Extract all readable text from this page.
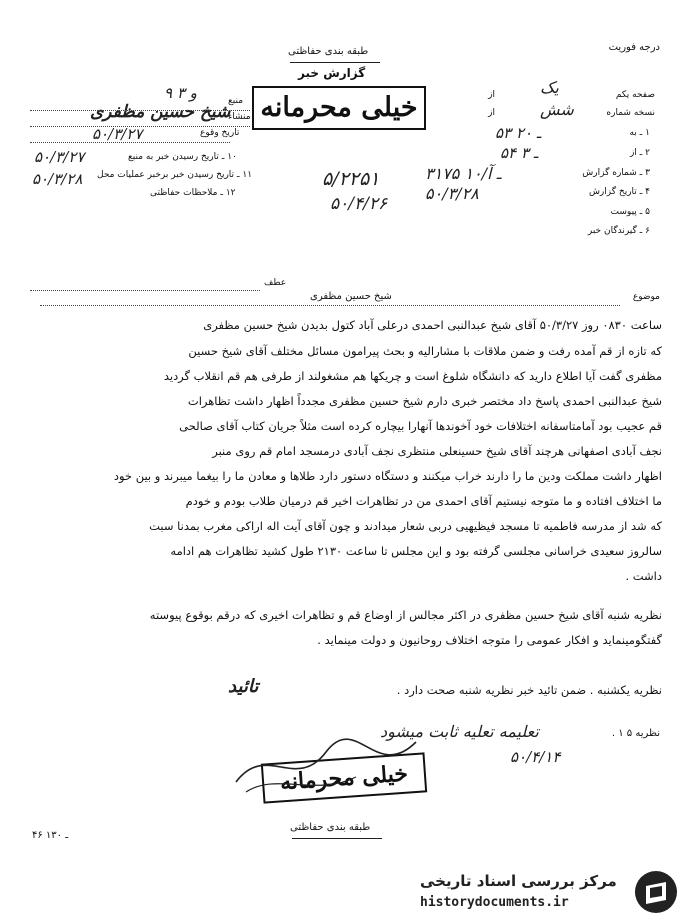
درجه فوریت
طبقه بندی حفاظتی
گزارش خبر
۹ و ۳
شیخ حسین مظفری
۵۰/۳/۲۷
۵۰/۳/۲۷
۵۰/۳/۲۸
منبع
منشاء
تاریخ وقوع
۱۰ ـ تاریخ رسیدن خبر به منبع
۱۱ ـ تاریخ رسیدن خبر برخبر عملیات محل
۱۲ ـ ملاحظات حفاظتی
خیلی محرمانه	صفحه یکم
نسخه شماره
از
از
۱ ـ به
۲ ـ از
۳ ـ شماره گزارش
۴ ـ تاریخ گزارش
۵ ـ پیوست
۶ ـ گیرندگان خبر
یک
شش
۵۳ ـ ۲۰
۵۴ ـ ۳
۳۱۷۵ ـ آ/۱۰
۵۰/۳/۲۸
۵/۲۲۵۱
۵۰/۴/۲۶
عطف
موضوع
شیخ حسین مظفری
ساعت ۰۸۳۰ روز ۵۰/۳/۲۷ آقای شیخ عبدالنبی احمدی درعلی آباد کتول بدیدن شیخ حسین مظفری
که تازه از قم آمده رفت و ضمن ملاقات با مشارالیه و بحث پیرامون مسائل مختلف آقای شیخ حسین
مظفری گفت آیا اطلاع دارید که دانشگاه شلوغ است و چریکها هم مشغولند از طرفی هم قم انقلاب گردید
شیخ عبدالنبی احمدی پاسخ داد مختصر خبری دارم شیخ حسین مظفری مجدداً اظهار داشت تظاهرات
قم عجیب بود آمامتاسفانه اختلافات خود آخوندها آنهارا بیچاره کرده است مثلاً جریان کتاب آقای صالحی
نجف آبادی اصفهانی هرچند آقای شیخ حسینعلی منتظری نجف آبادی درمسجد امام قم روی منبر
اظهار داشت مملکت ودین ما را دارند خراب میکنند و دستگاه دستور دارد طلاها و معادن ما را بیغما میبرند و بین خود
ما اختلاف افتاده و ما متوجه نیستیم آقای احمدی من در تظاهرات اخیر قم درمیان طلاب بودم و خودم
که شد از مدرسه فاطمیه تا مسجد فیظیهیی دربی شعار میدادند و چون آقای آیت اله اراکی مغرب بمدنا سبت
سالروز سعیدی خراسانی مجلسی گرفته بود و این مجلس تا ساعت ۲۱۳۰ طول کشید تظاهرات هم ادامه
داشت .
نظریه شنبه آقای شیخ حسین مظفری در اکثر مجالس از اوضاع قم و تظاهرات اخیری که درقم بوقوع پیوسته
گفتگومینماید و افکار عمومی را متوجه اختلاف روحانیون و دولت مینماید .
نظریه یکشنبه . ضمن تائید خبر نظریه شنبه صحت دارد .
تائید
نظریه ۵ ۱ .
تعلیمه تعلیه ثابت میشود
خیلی محرمانه
۵۰/۴/۱۴
طبقه بندی حفاظتی
۴۶ ـ ۱۳۰
مرکز بررسی اسناد تاریخی
historydocuments.ir
